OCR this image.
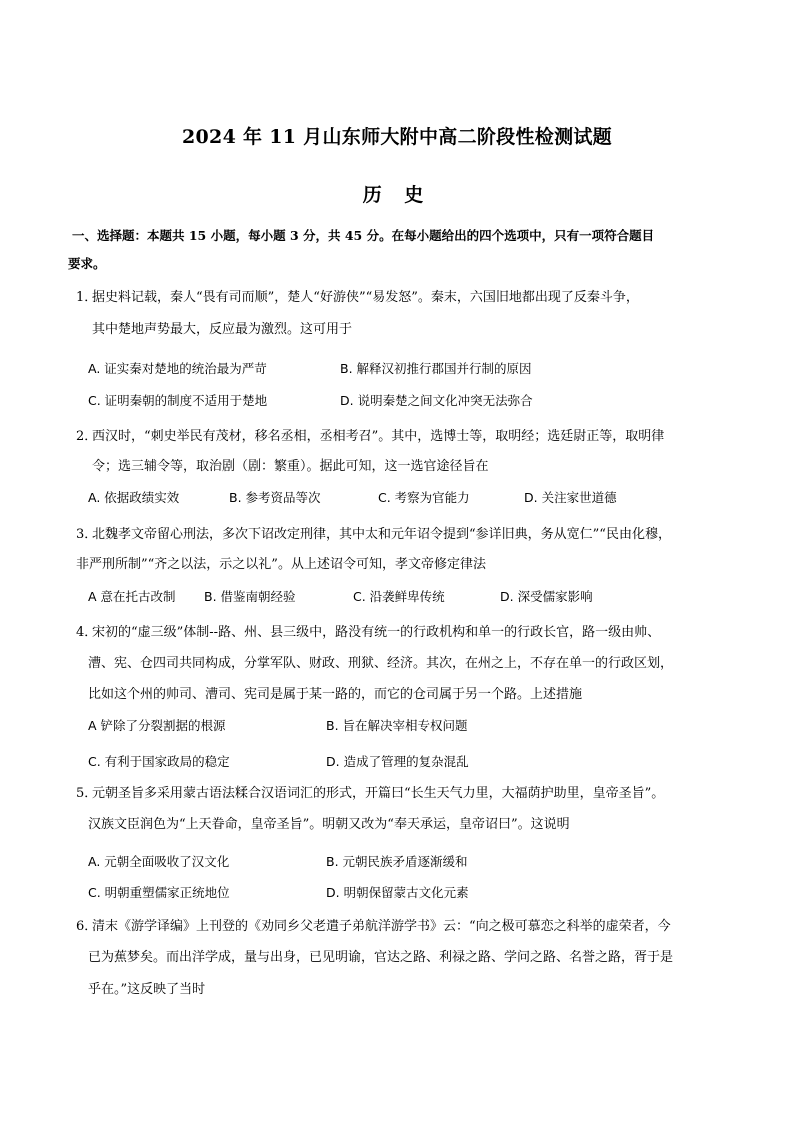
2024 年 11 月山东师大附中高二阶段性检测试题
历 史
一、选择题：本题共 15 小题，每小题 3 分，共 45 分。在每小题给出的四个选项中，只有一项符合题目
要求。
1．据史料记载，秦人“畏有司而顺”，楚人“好游侠”“易发怒”。秦末，六国旧地都出现了反秦斗争，
其中楚地声势最大，反应最为激烈。这可用于
A. 证实秦对楚地的统治最为严苛	B. 解释汉初推行郡国并行制的原因
C. 证明秦朝的制度不适用于楚地	D. 说明秦楚之间文化冲突无法弥合
2．西汉时，“刺史举民有茂材，移名丞相，丞相考召”。其中，选博士等，取明经；选廷尉正等，取明律
令；选三辅令等，取治剧（剧：繁重）。据此可知，这一选官途径旨在
A. 依据政绩实效	B. 参考资品等次	C. 考察为官能力	D. 关注家世道德
3．北魏孝文帝留心刑法，多次下诏改定刑律，其中太和元年诏令提到“参详旧典，务从宽仁”“民由化穆，
非严刑所制”“齐之以法，示之以礼”。从上述诏令可知，孝文帝修定律法
A 意在托古改制 B. 借鉴南朝经验	C. 沿袭鲜卑传统	D. 深受儒家影响
4．宋初的“虚三级”体制--路、州、县三级中，路没有统一的行政机构和单一的行政长官，路一级由帅、
漕、宪、仓四司共同构成，分掌军队、财政、刑狱、经济。其次，在州之上，不存在单一的行政区划，
比如这个州的帅司、漕司、宪司是属于某一路的，而它的仓司属于另一个路。上述措施
A 铲除了分裂割据的根源	B. 旨在解决宰相专权问题
C. 有利于国家政局的稳定	D. 造成了管理的复杂混乱
5．元朝圣旨多采用蒙古语法糅合汉语词汇的形式，开篇曰“长生天气力里，大福荫护助里，皇帝圣旨”。
汉族文臣润色为“上天眷命，皇帝圣旨”。明朝又改为“奉天承运，皇帝诏曰”。这说明
A. 元朝全面吸收了汉文化	B. 元朝民族矛盾逐渐缓和
C. 明朝重塑儒家正统地位	D. 明朝保留蒙古文化元素
6．清末《游学译编》上刊登的《劝同乡父老遣子弟航洋游学书》云：“向之极可慕恋之科举的虚荣者，今
已为蕉梦矣。而出洋学成，量与出身，已见明谕，官达之路、利禄之路、学问之路、名誉之路，胥于是
乎在。”这反映了当时
